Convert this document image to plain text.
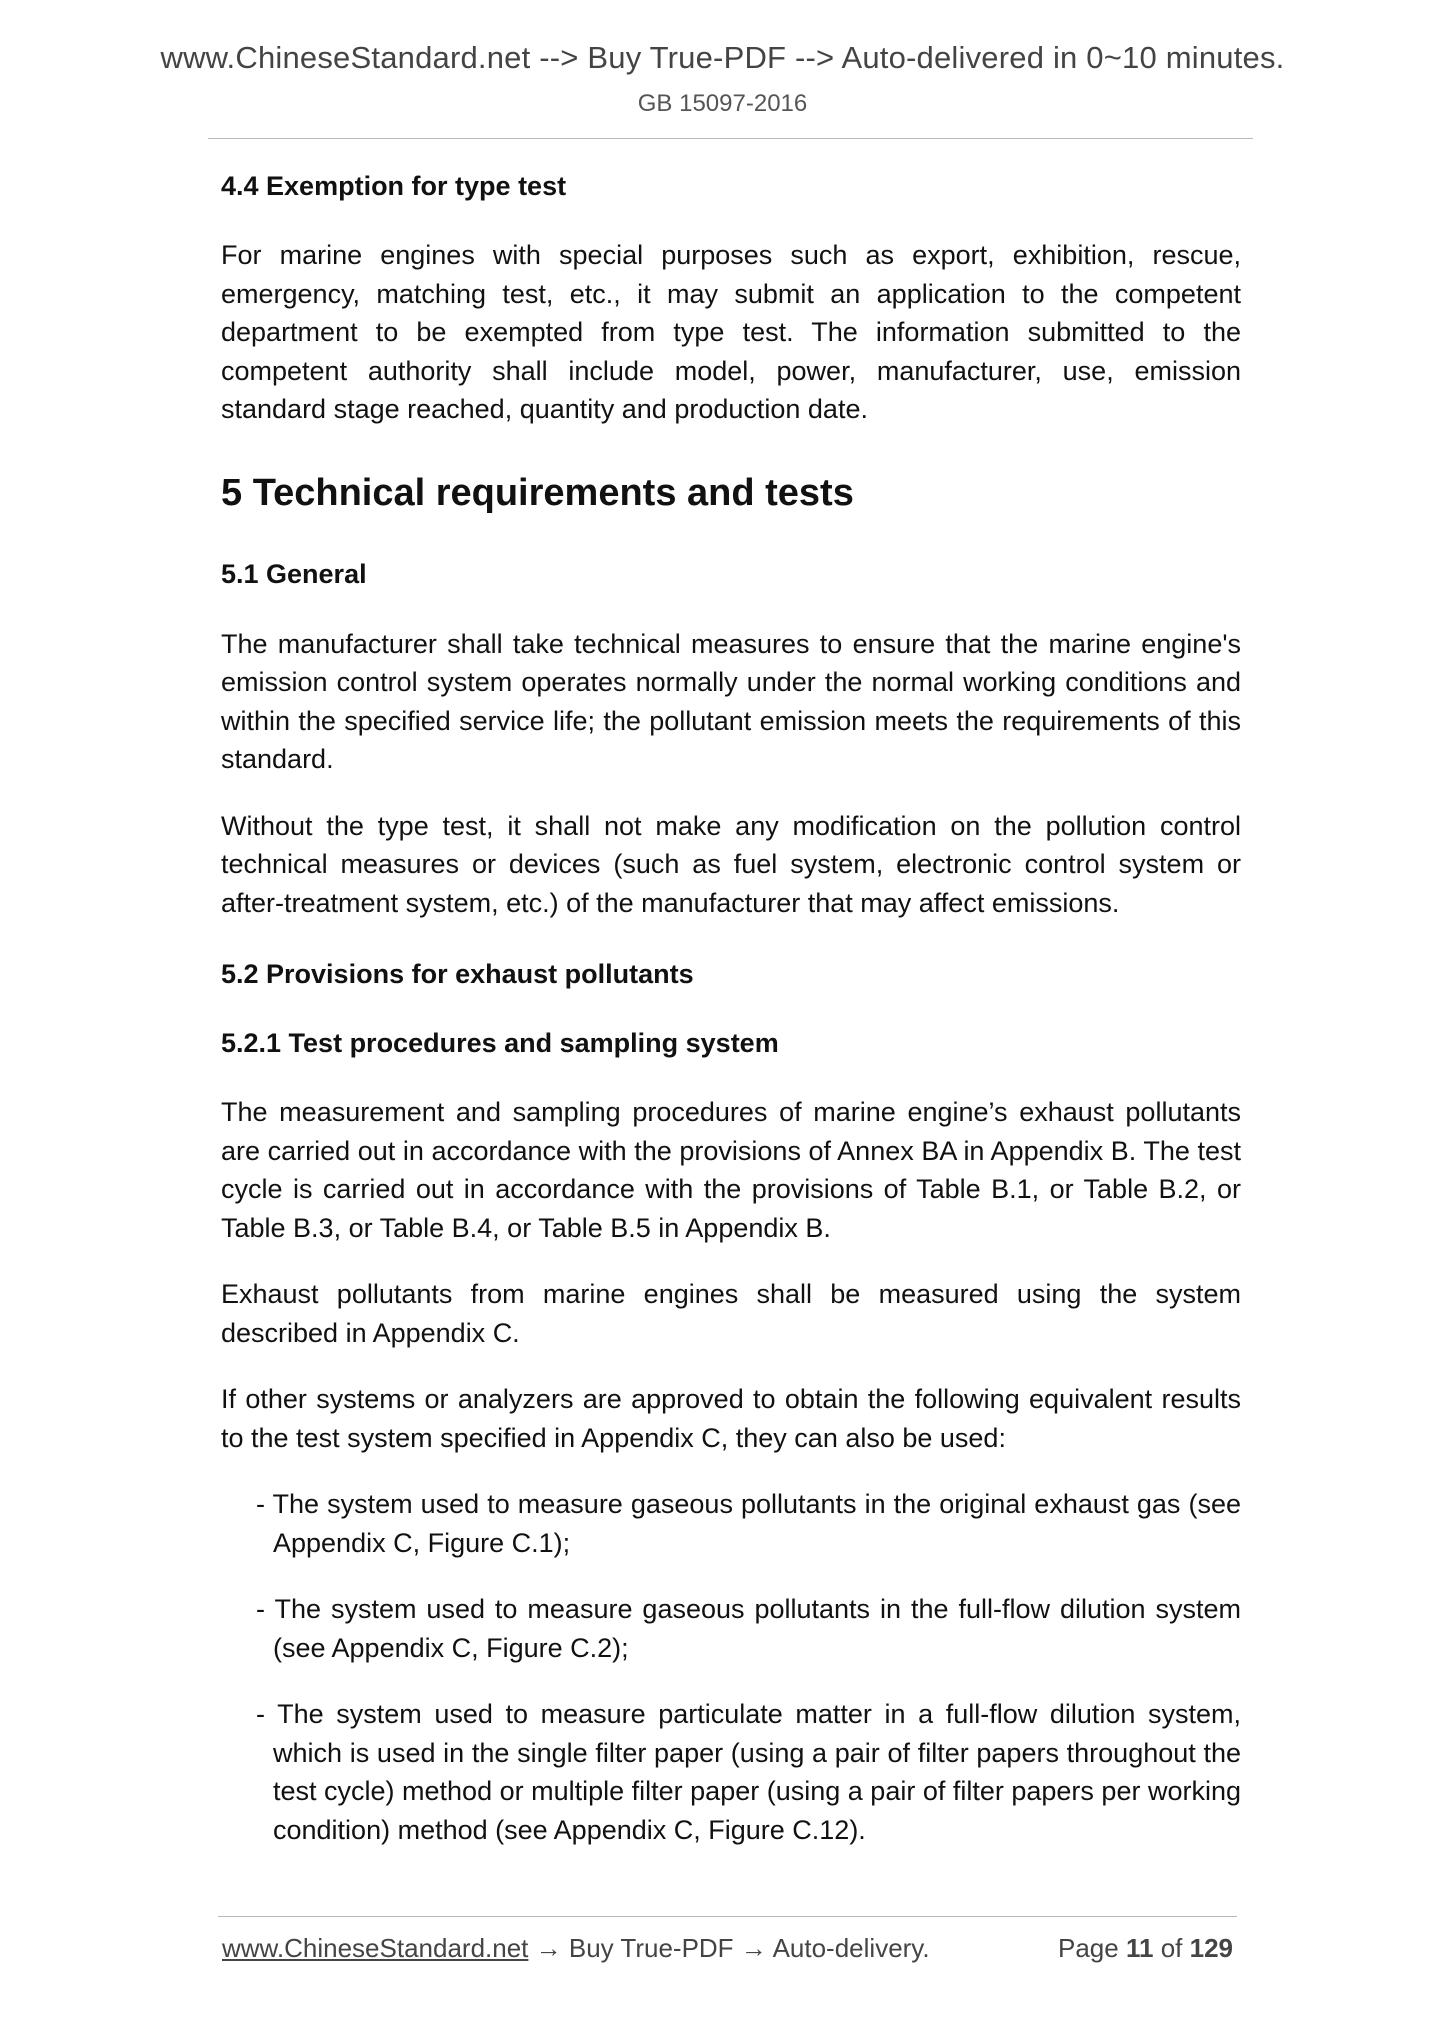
www.ChineseStandard.net --> Buy True-PDF --> Auto-delivered in 0~10 minutes.
GB 15097-2016
4.4 Exemption for type test

For marine engines with special purposes such as export, exhibition, rescue, emergency, matching test, etc., it may submit an application to the competent department to be exempted from type test. The information submitted to the competent authority shall include model, power, manufacturer, use, emission standard stage reached, quantity and production date.

5 Technical requirements and tests
5.1 General

The manufacturer shall take technical measures to ensure that the marine engine's emission control system operates normally under the normal working conditions and within the specified service life; the pollutant emission meets the requirements of this standard.

Without the type test, it shall not make any modification on the pollution control technical measures or devices (such as fuel system, electronic control system or after-treatment system, etc.) of the manufacturer that may affect emissions.

5.2 Provisions for exhaust pollutants
5.2.1 Test procedures and sampling system

The measurement and sampling procedures of marine engine’s exhaust pollutants are carried out in accordance with the provisions of Annex BA in Appendix B. The test cycle is carried out in accordance with the provisions of Table B.1, or Table B.2, or Table B.3, or Table B.4, or Table B.5 in Appendix B.

Exhaust pollutants from marine engines shall be measured using the system described in Appendix C.

If other systems or analyzers are approved to obtain the following equivalent results to the test system specified in Appendix C, they can also be used:

- The system used to measure gaseous pollutants in the original exhaust gas (see Appendix C, Figure C.1);
- The system used to measure gaseous pollutants in the full-flow dilution system (see Appendix C, Figure C.2);
- The system used to measure particulate matter in a full-flow dilution system, which is used in the single filter paper (using a pair of filter papers throughout the test cycle) method or multiple filter paper (using a pair of filter papers per working condition) method (see Appendix C, Figure C.12).
www.ChineseStandard.net → Buy True-PDF → Auto-delivery.	Page 11 of 129
